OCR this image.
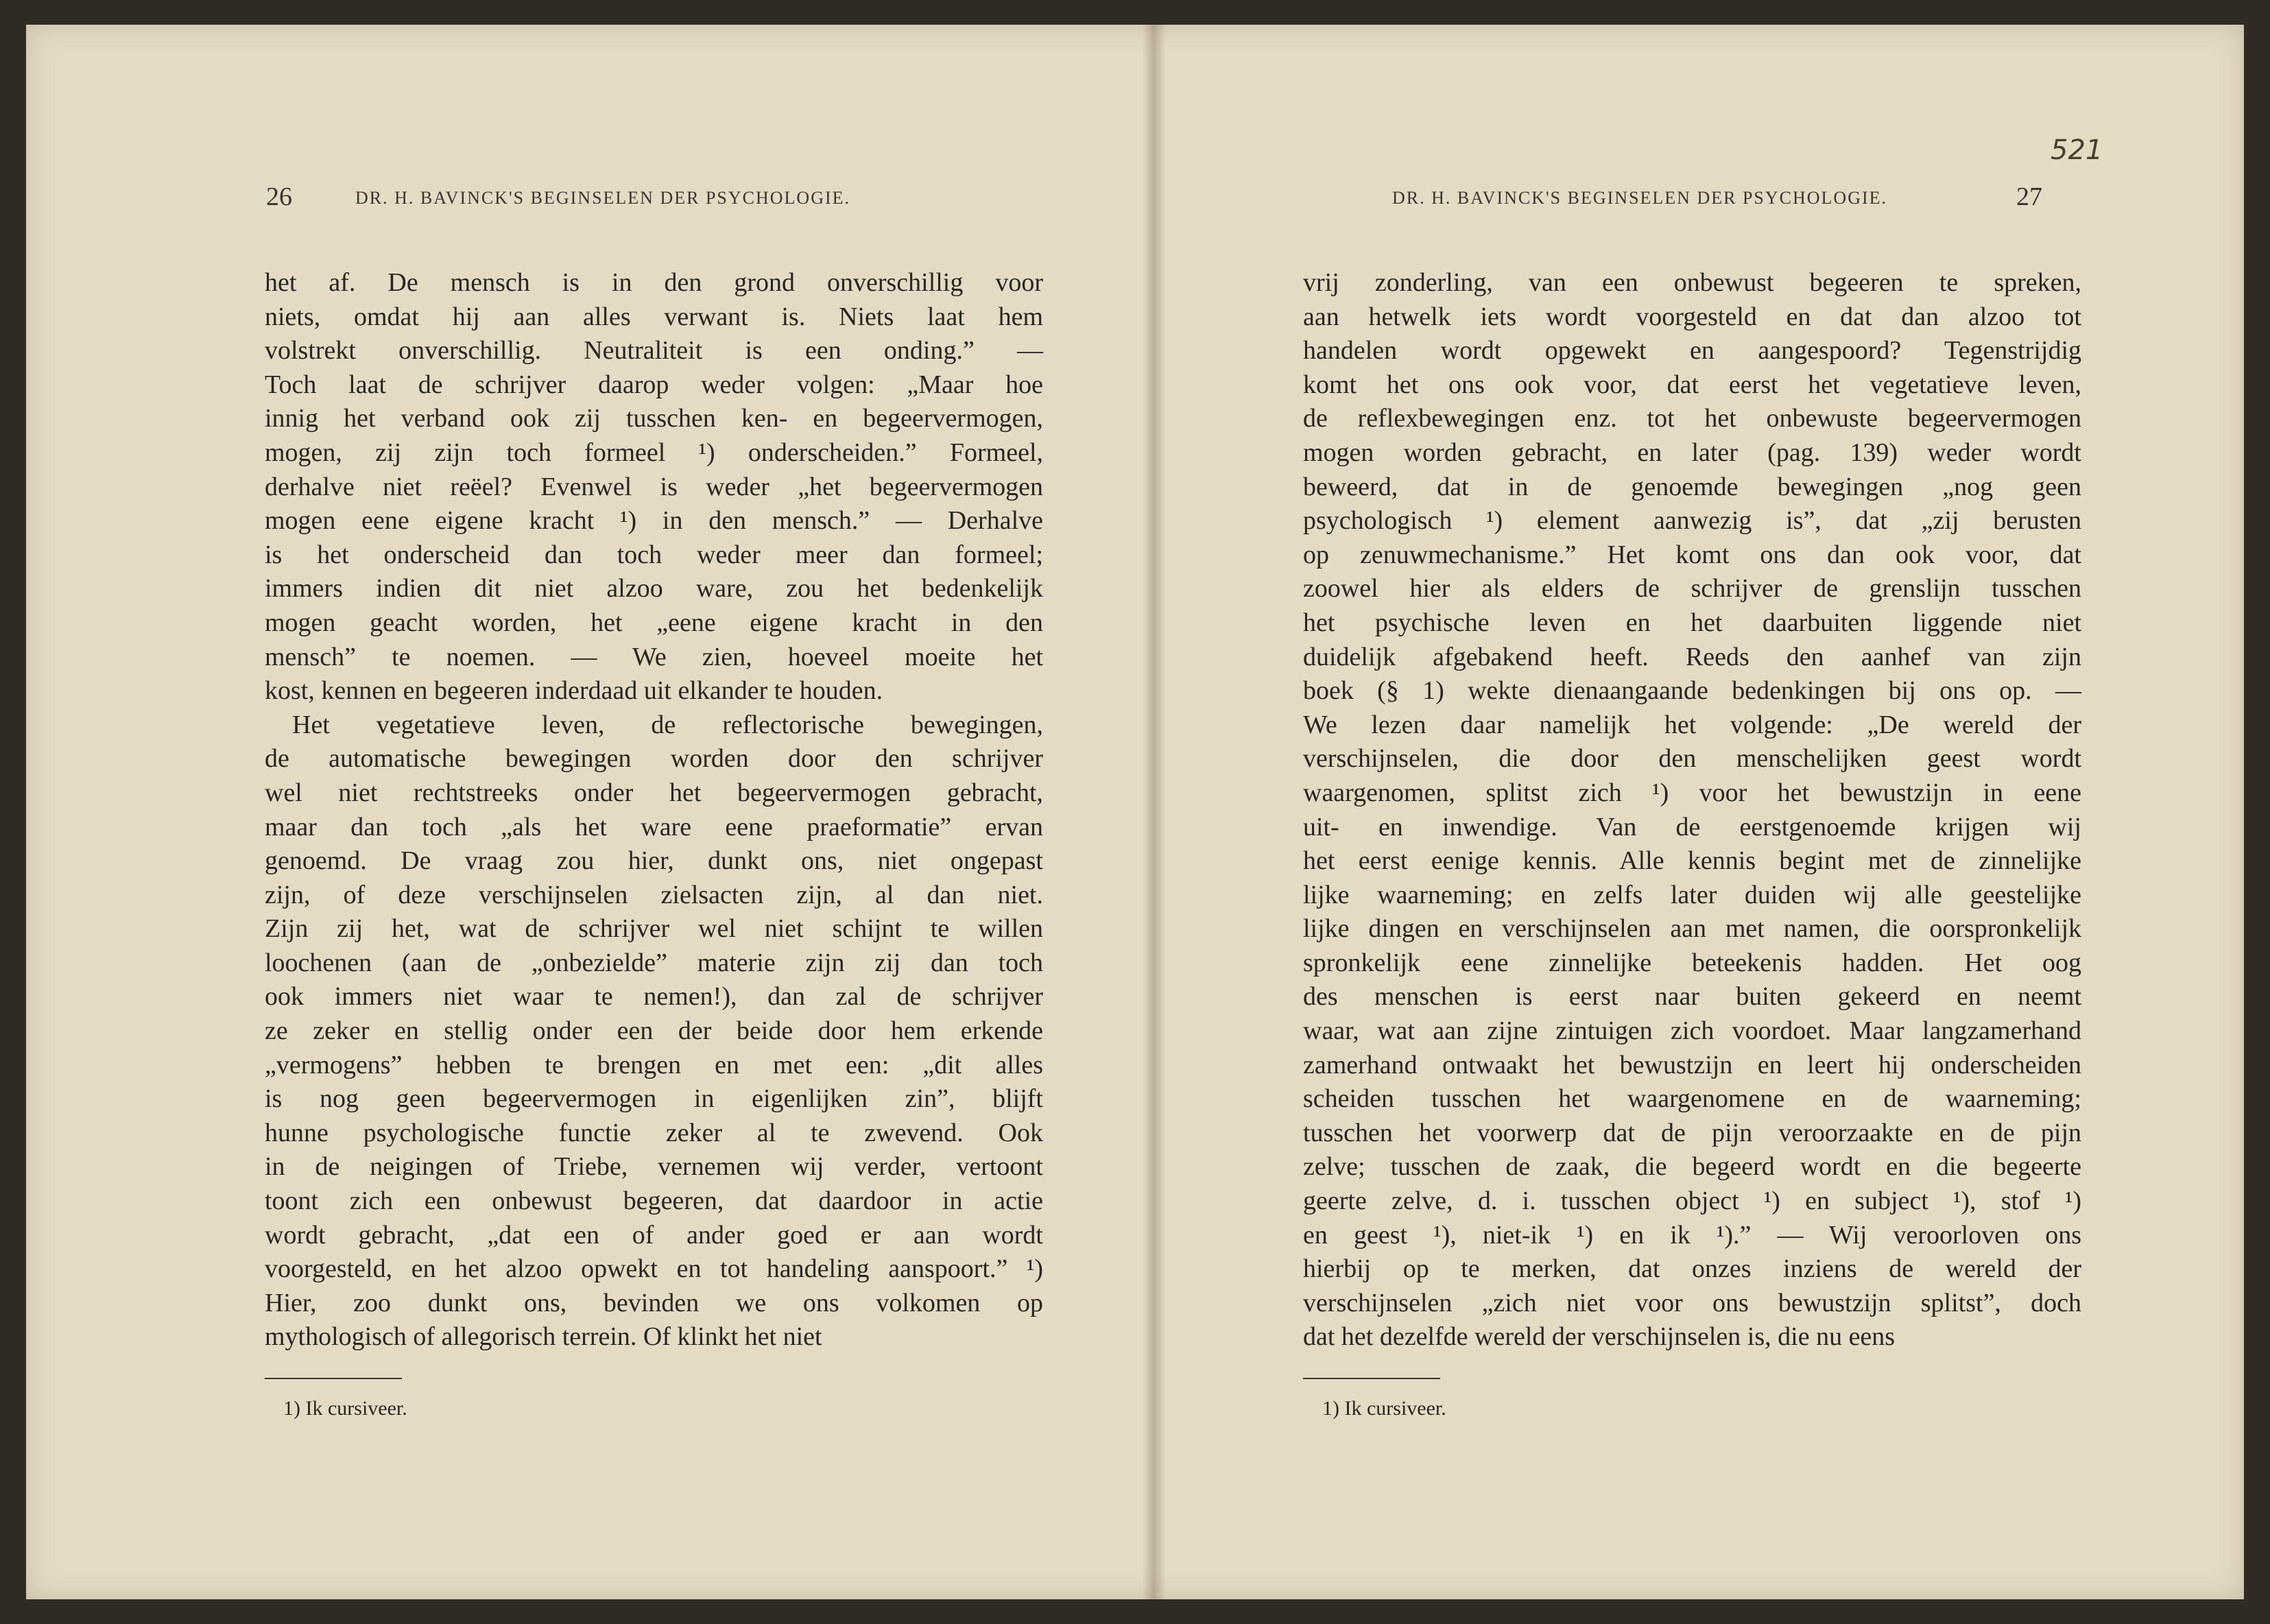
26	DR. H. BAVINCK'S BEGINSELEN DER PSYCHOLOGIE.
het af. De mensch is in den grond onverschillig voor
niets, omdat hij aan alles verwant is. Niets laat hem
volstrekt onverschillig. Neutraliteit is een onding.” —
Toch laat de schrijver daarop weder volgen: „Maar hoe
innig het verband ook zij tusschen ken- en begeervermogen,
mogen, zij zijn toch formeel ¹) onderscheiden.” Formeel,
derhalve niet reëel? Evenwel is weder „het begeervermogen
mogen eene eigene kracht ¹) in den mensch.” — Derhalve
is het onderscheid dan toch weder meer dan formeel;
immers indien dit niet alzoo ware, zou het bedenkelijk
mogen geacht worden, het „eene eigene kracht in den
mensch” te noemen. — We zien, hoeveel moeite het
kost, kennen en begeeren inderdaad uit elkander te houden.
Het vegetatieve leven, de reflectorische bewegingen,
de automatische bewegingen worden door den schrijver
wel niet rechtstreeks onder het begeervermogen gebracht,
maar dan toch „als het ware eene praeformatie” ervan
genoemd. De vraag zou hier, dunkt ons, niet ongepast
zijn, of deze verschijnselen zielsacten zijn, al dan niet.
Zijn zij het, wat de schrijver wel niet schijnt te willen
loochenen (aan de „onbezielde” materie zijn zij dan toch
ook immers niet waar te nemen!), dan zal de schrijver
ze zeker en stellig onder een der beide door hem erkende
„vermogens” hebben te brengen en met een: „dit alles
is nog geen begeervermogen in eigenlijken zin”, blijft
hunne psychologische functie zeker al te zwevend. Ook
in de neigingen of Triebe, vernemen wij verder, vertoont
toont zich een onbewust begeeren, dat daardoor in actie
wordt gebracht, „dat een of ander goed er aan wordt
voorgesteld, en het alzoo opwekt en tot handeling aanspoort.” ¹)
Hier, zoo dunkt ons, bevinden we ons volkomen op
mythologisch of allegorisch terrein. Of klinkt het niet
1) Ik cursiveer.
521
DR. H. BAVINCK'S BEGINSELEN DER PSYCHOLOGIE.	27
vrij zonderling, van een onbewust begeeren te spreken,
aan hetwelk iets wordt voorgesteld en dat dan alzoo tot
handelen wordt opgewekt en aangespoord? Tegenstrijdig
komt het ons ook voor, dat eerst het vegetatieve leven,
de reflexbewegingen enz. tot het onbewuste begeervermogen
mogen worden gebracht, en later (pag. 139) weder wordt
beweerd, dat in de genoemde bewegingen „nog geen
psychologisch ¹) element aanwezig is”, dat „zij berusten
op zenuwmechanisme.” Het komt ons dan ook voor, dat
zoowel hier als elders de schrijver de grenslijn tusschen
het psychische leven en het daarbuiten liggende niet
duidelijk afgebakend heeft. Reeds den aanhef van zijn
boek (§ 1) wekte dienaangaande bedenkingen bij ons op. —
We lezen daar namelijk het volgende: „De wereld der
verschijnselen, die door den menschelijken geest wordt
waargenomen, splitst zich ¹) voor het bewustzijn in eene
uit- en inwendige. Van de eerstgenoemde krijgen wij
het eerst eenige kennis. Alle kennis begint met de zinnelijke
lijke waarneming; en zelfs later duiden wij alle geestelijke
lijke dingen en verschijnselen aan met namen, die oorspronkelijk
spronkelijk eene zinnelijke beteekenis hadden. Het oog
des menschen is eerst naar buiten gekeerd en neemt
waar, wat aan zijne zintuigen zich voordoet. Maar langzamerhand
zamerhand ontwaakt het bewustzijn en leert hij onderscheiden
scheiden tusschen het waargenomene en de waarneming;
tusschen het voorwerp dat de pijn veroorzaakte en de pijn
zelve; tusschen de zaak, die begeerd wordt en die begeerte
geerte zelve, d. i. tusschen object ¹) en subject ¹), stof ¹)
en geest ¹), niet-ik ¹) en ik ¹).” — Wij veroorloven ons
hierbij op te merken, dat onzes inziens de wereld der
verschijnselen „zich niet voor ons bewustzijn splitst”, doch
dat het dezelfde wereld der verschijnselen is, die nu eens
1) Ik cursiveer.
